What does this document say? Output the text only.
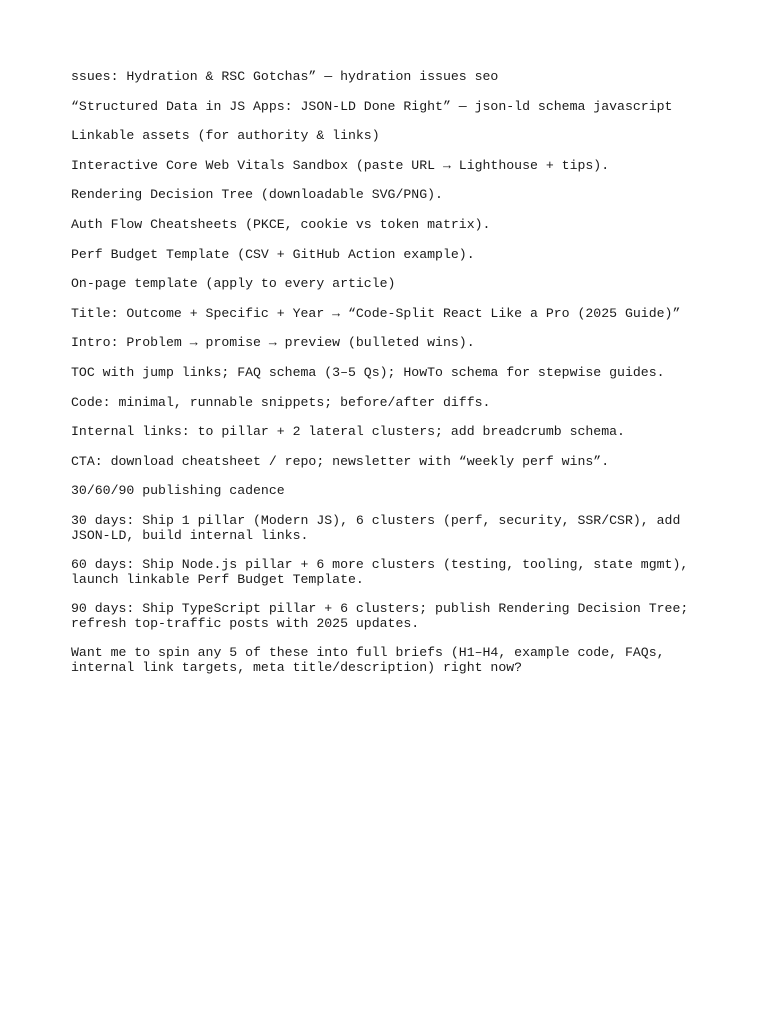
ssues: Hydration & RSC Gotchas” — hydration issues seo

“Structured Data in JS Apps: JSON-LD Done Right” — json-ld schema javascript

Linkable assets (for authority & links)

Interactive Core Web Vitals Sandbox (paste URL → Lighthouse + tips).

Rendering Decision Tree (downloadable SVG/PNG).

Auth Flow Cheatsheets (PKCE, cookie vs token matrix).

Perf Budget Template (CSV + GitHub Action example).

On-page template (apply to every article)

Title: Outcome + Specific + Year → “Code-Split React Like a Pro (2025 Guide)”

Intro: Problem → promise → preview (bulleted wins).

TOC with jump links; FAQ schema (3–5 Qs); HowTo schema for stepwise guides.

Code: minimal, runnable snippets; before/after diffs.

Internal links: to pillar + 2 lateral clusters; add breadcrumb schema.

CTA: download cheatsheet / repo; newsletter with “weekly perf wins”.

30/60/90 publishing cadence

30 days: Ship 1 pillar (Modern JS), 6 clusters (perf, security, SSR/CSR), add JSON-LD, build internal links.

60 days: Ship Node.js pillar + 6 more clusters (testing, tooling, state mgmt), launch linkable Perf Budget Template.

90 days: Ship TypeScript pillar + 6 clusters; publish Rendering Decision Tree; refresh top-traffic posts with 2025 updates.

Want me to spin any 5 of these into full briefs (H1–H4, example code, FAQs, internal link targets, meta title/description) right now?
